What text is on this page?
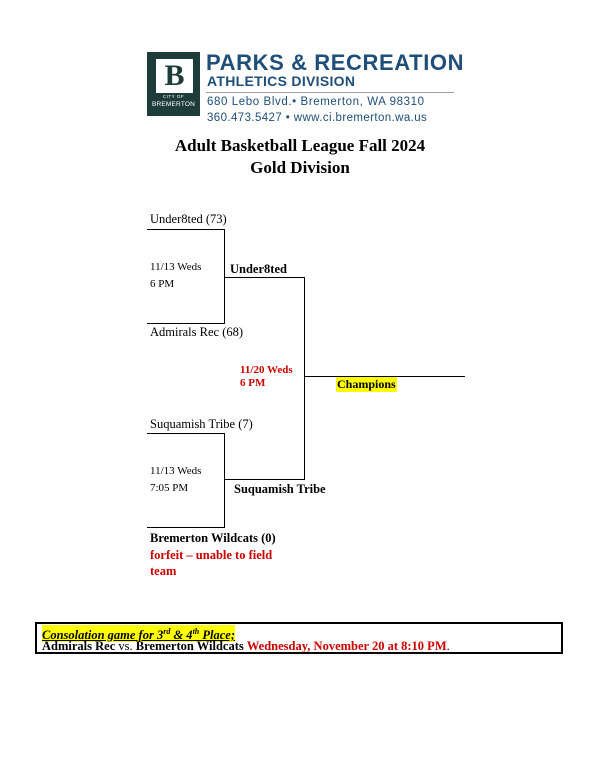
B
CITY OF
BREMERTON
PARKS & RECREATION
ATHLETICS DIVISION
680 Lebo Blvd.• Bremerton, WA 98310
360.473.5427 • www.ci.bremerton.wa.us
Adult Basketball League Fall 2024
Gold Division
Under8ted (73)
11/13 Weds
6 PM
Admirals Rec (68)
Under8ted
Suquamish Tribe (7)
11/13 Weds
7:05 PM
Bremerton Wildcats (0)
forfeit – unable to field team
Suquamish Tribe
11/20 Weds
6 PM	Champions
Consolation game for 3rd & 4th Place;
Admirals Rec vs. Bremerton Wildcats Wednesday, November 20 at 8:10 PM.
